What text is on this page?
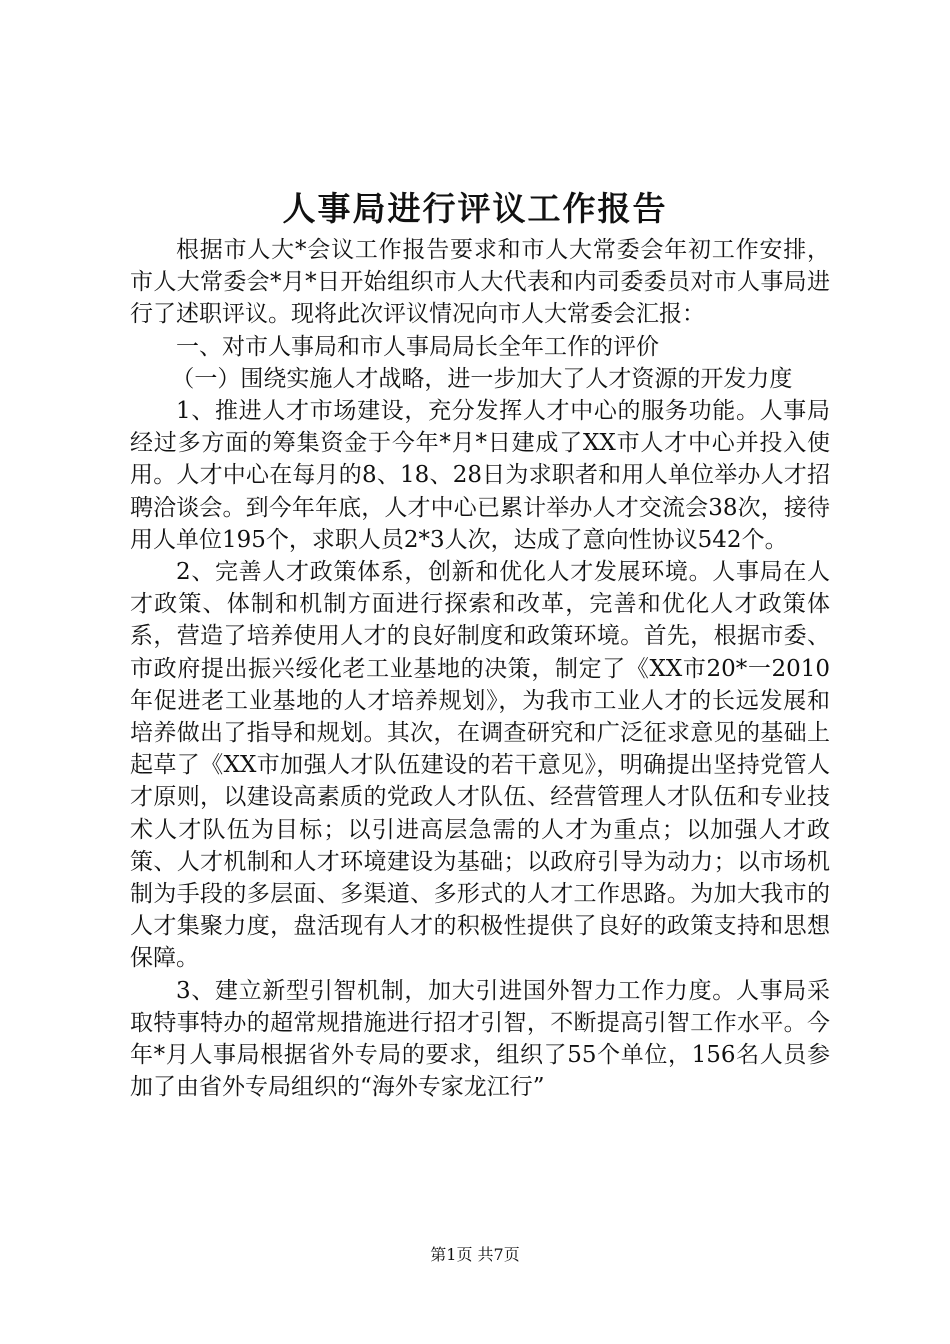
人事局进行评议工作报告

根据市人大*会议工作报告要求和市人大常委会年初工作安排，市人大常委会*月*日开始组织市人大代表和内司委委员对市人事局进行了述职评议。现将此次评议情况向市人大常委会汇报：

一、对市人事局和市人事局局长全年工作的评价

（一）围绕实施人才战略，进一步加大了人才资源的开发力度

1、推进人才市场建设，充分发挥人才中心的服务功能。人事局经过多方面的筹集资金于今年*月*日建成了XX市人才中心并投入使用。人才中心在每月的8、18、28日为求职者和用人单位举办人才招聘洽谈会。到今年年底，人才中心已累计举办人才交流会38次，接待用人单位195个，求职人员2*3人次，达成了意向性协议542个。

2、完善人才政策体系，创新和优化人才发展环境。人事局在人才政策、体制和机制方面进行探索和改革，完善和优化人才政策体系，营造了培养使用人才的良好制度和政策环境。首先，根据市委、市政府提出振兴绥化老工业基地的决策，制定了《XX市20*一2010年促进老工业基地的人才培养规划》，为我市工业人才的长远发展和培养做出了指导和规划。其次，在调查研究和广泛征求意见的基础上起草了《XX市加强人才队伍建设的若干意见》，明确提出坚持党管人才原则，以建设高素质的党政人才队伍、经营管理人才队伍和专业技术人才队伍为目标；以引进高层急需的人才为重点；以加强人才政策、人才机制和人才环境建设为基础；以政府引导为动力；以市场机制为手段的多层面、多渠道、多形式的人才工作思路。为加大我市的人才集聚力度，盘活现有人才的积极性提供了良好的政策支持和思想保障。

3、建立新型引智机制，加大引进国外智力工作力度。人事局采取特事特办的超常规措施进行招才引智，不断提高引智工作水平。今年*月人事局根据省外专局的要求，组织了55个单位，156名人员参加了由省外专局组织的“海外专家龙江行”

第1页 共7页
